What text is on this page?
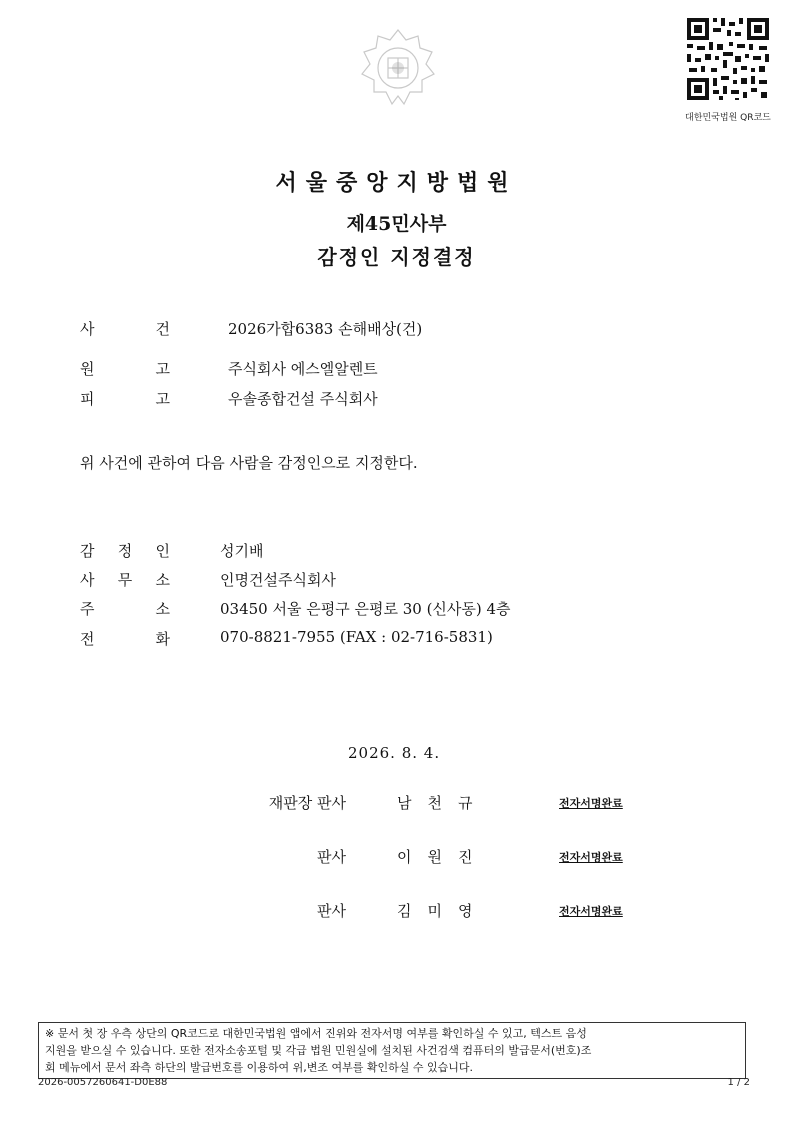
대한민국법원 QR코드
서울중앙지방법원
제45민사부
감정인 지정결정
사	건	2026가합6383 손해배상(건)
원	고	주식회사 에스엘알렌트
피	고	우솔종합건설 주식회사
위 사건에 관하여 다음 사람을 감정인으로 지정한다.
감 정 인	성기배
사 무 소	인명건설주식회사
주	소	03450 서울 은평구 은평로 30 (신사동) 4층
전	화	070-8821-7955 (FAX : 02-716-5831)
2026. 8. 4.
재판장 판사	남천규	전자서명완료
판사	이원진	전자서명완료
판사	김미영	전자서명완료
※ 문서 첫 장 우측 상단의 QR코드로 대한민국법원 앱에서 진위와 전자서명 여부를 확인하실 수 있고, 텍스트 음성
지원을 받으실 수 있습니다. 또한 전자소송포털 및 각급 법원 민원실에 설치된 사건검색 컴퓨터의 발급문서(번호)조
회 메뉴에서 문서 좌측 하단의 발급번호를 이용하여 위,변조 여부를 확인하실 수 있습니다.
2026-0057260641-D0E88	1 / 2
